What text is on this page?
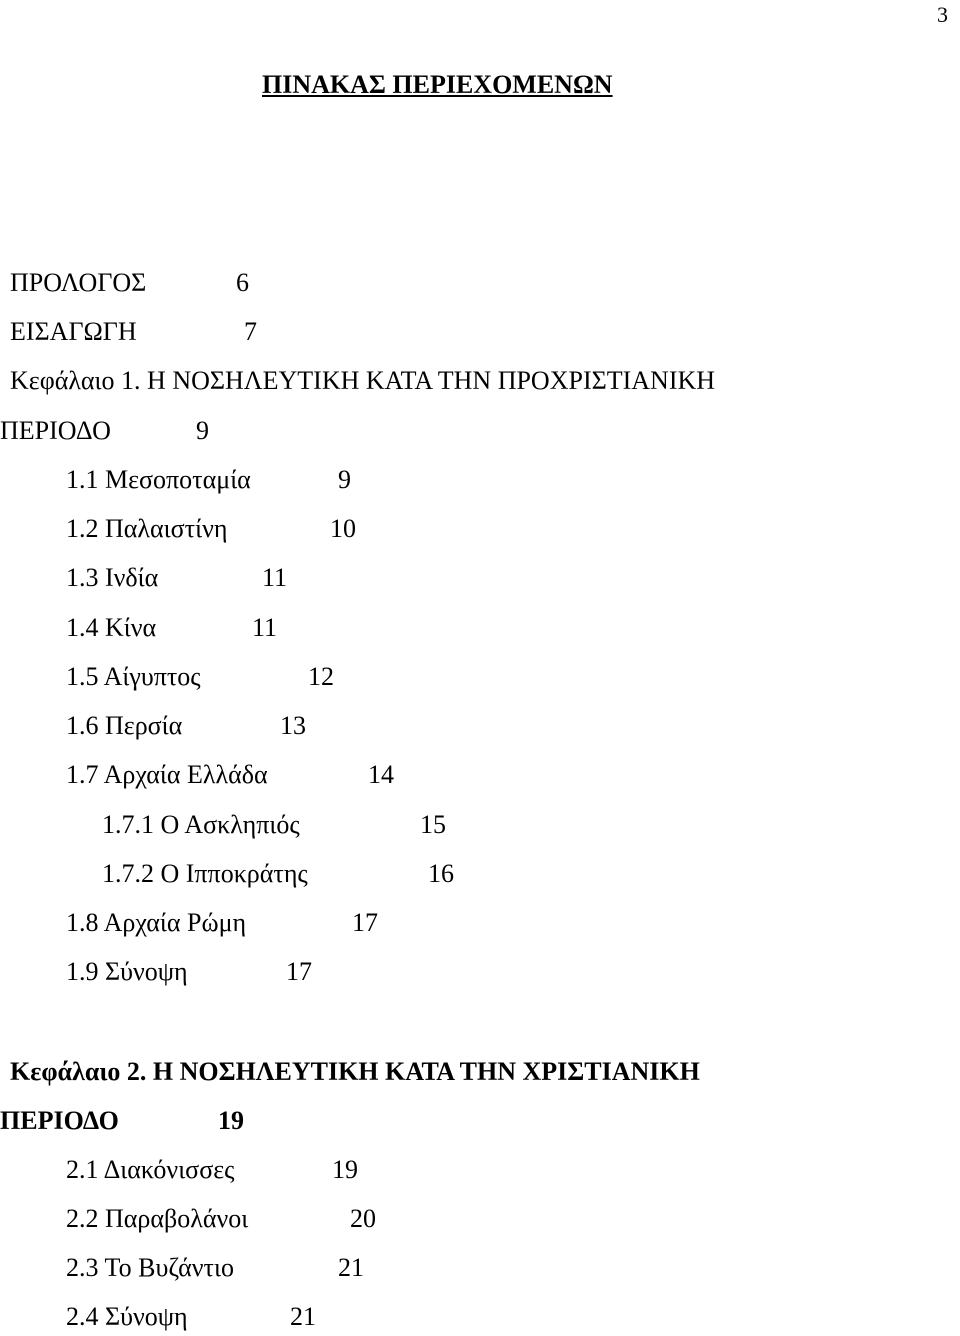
3
ΠΙΝΑΚΑΣ ΠΕΡΙΕΧΟΜΕΝΩΝ
ΠΡΟΛΟΓΟΣ	6
ΕΙΣΑΓΩΓΗ	7
Κεφάλαιο 1. Η ΝΟΣΗΛΕΥΤΙΚΗ ΚΑΤΑ ΤΗΝ ΠΡΟΧΡΙΣΤΙΑΝΙΚΗ
ΠΕΡΙΟΔΟ	9
1.1 Μεσοποταμία	9
1.2 Παλαιστίνη	10
1.3 Ινδία	11
1.4 Κίνα	11
1.5 Αίγυπτος	12
1.6 Περσία	13
1.7 Αρχαία Ελλάδα	14
1.7.1 Ο Ασκληπιός	15
1.7.2 Ο Ιπποκράτης	16
1.8 Αρχαία Ρώμη	17
1.9 Σύνοψη	17
Κεφάλαιο 2. Η ΝΟΣΗΛΕΥΤΙΚΗ ΚΑΤΑ ΤΗΝ ΧΡΙΣΤΙΑΝΙΚΗ
ΠΕΡΙΟΔΟ	19
2.1 Διακόνισσες	19
2.2 Παραβολάνοι	20
2.3 Το Βυζάντιο	21
2.4 Σύνοψη	21
